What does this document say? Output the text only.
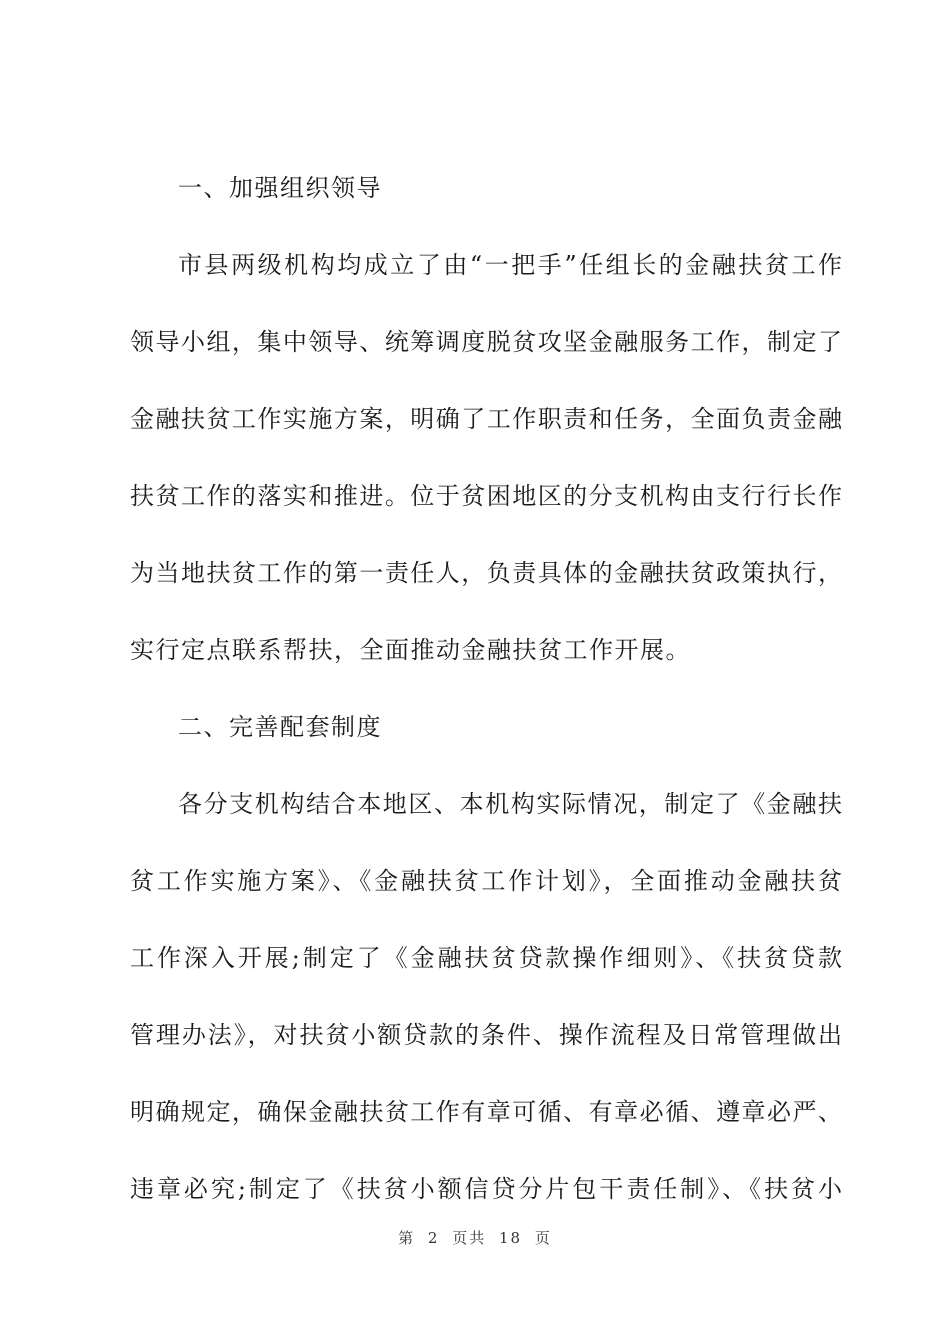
一、加强组织领导
市县两级机构均成立了由“一把手”任组长的金融扶贫工作
领导小组，集中领导、统筹调度脱贫攻坚金融服务工作，制定了
金融扶贫工作实施方案，明确了工作职责和任务，全面负责金融
扶贫工作的落实和推进。位于贫困地区的分支机构由支行行长作
为当地扶贫工作的第一责任人，负责具体的金融扶贫政策执行，
实行定点联系帮扶，全面推动金融扶贫工作开展。
二、完善配套制度
各分支机构结合本地区、本机构实际情况，制定了《金融扶
贫工作实施方案》、《金融扶贫工作计划》，全面推动金融扶贫
工作深入开展;制定了《金融扶贫贷款操作细则》、《扶贫贷款
管理办法》，对扶贫小额贷款的条件、操作流程及日常管理做出
明确规定，确保金融扶贫工作有章可循、有章必循、遵章必严、
违章必究;制定了《扶贫小额信贷分片包干责任制》、《扶贫小
第 2 页共 18 页
